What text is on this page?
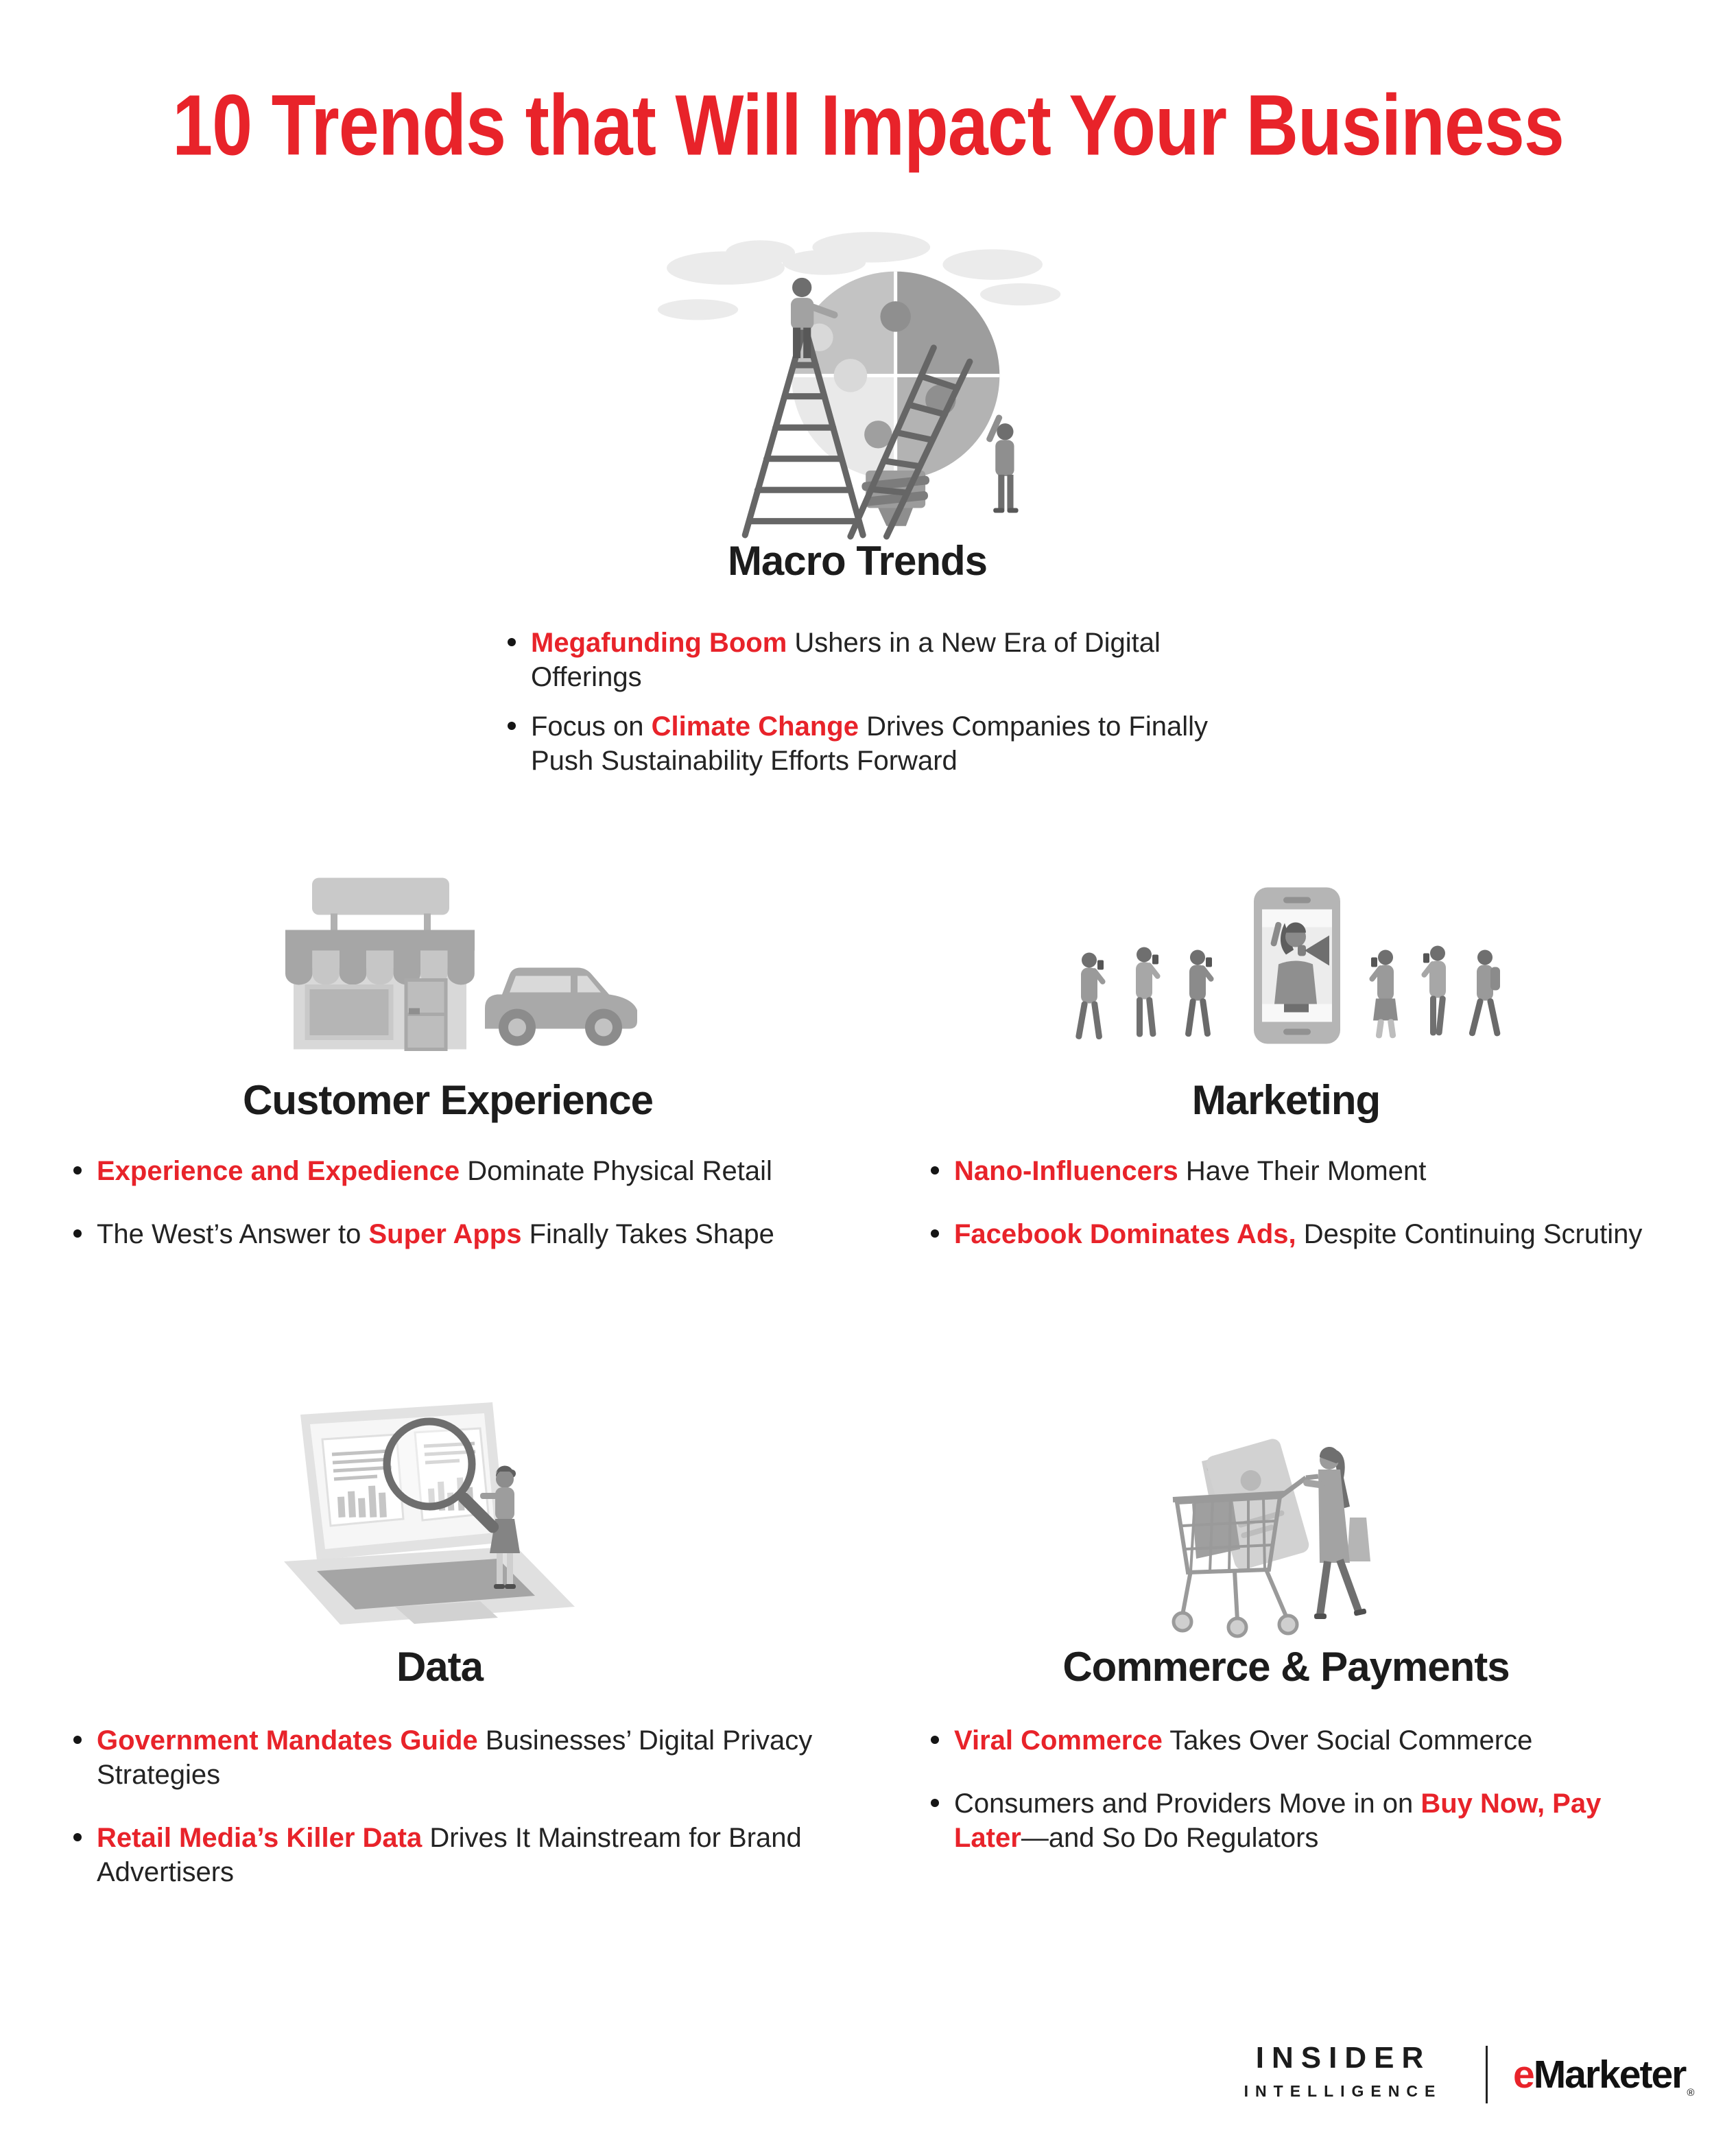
10 Trends that Will Impact Your Business
Macro Trends
Megafunding Boom Ushers in a New Era of Digital Offerings
Focus on Climate Change Drives Companies to Finally Push Sustainability Efforts Forward
Customer Experience
Experience and Expedience Dominate Physical Retail
The West’s Answer to Super Apps Finally Takes Shape
Marketing
Nano-Influencers Have Their Moment
Facebook Dominates Ads, Despite Continuing Scrutiny
Data
Government Mandates Guide Businesses’ Digital Privacy Strategies
Retail Media’s Killer Data Drives It Mainstream for Brand Advertisers
Commerce & Payments
Viral Commerce Takes Over Social Commerce
Consumers and Providers Move in on Buy Now, Pay Later—and So Do Regulators
INSIDER
INTELLIGENCE eMarketer $_®$
